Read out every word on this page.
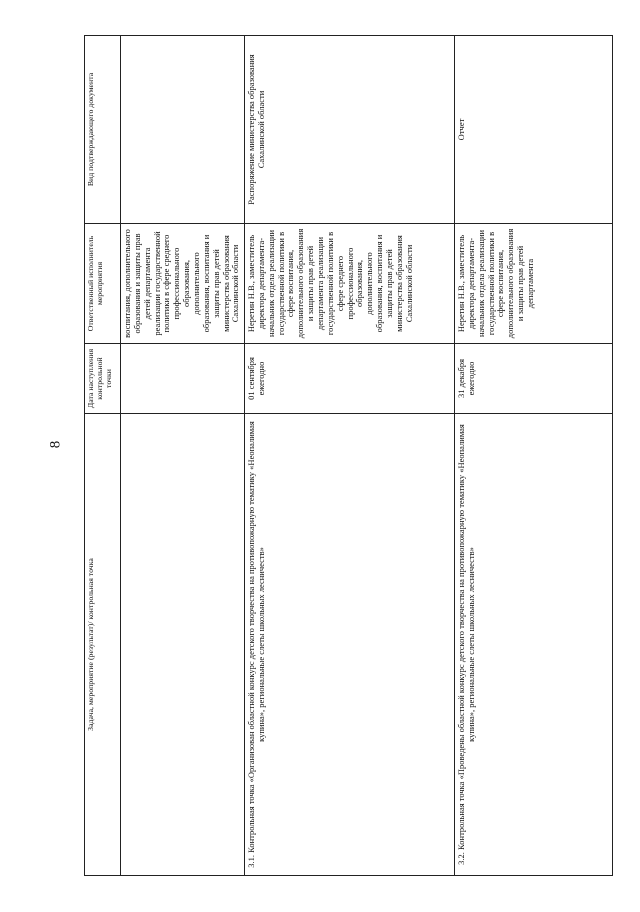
8
Задача, мероприятие (результат)/ контрольная точка	Дата наступления контрольной точки	Ответственный исполнитель мероприятия	Вид подтверждающего документа
		воспитания, дополнительного образования и защиты прав детей департамента реализации государственной политики в сфере среднего профессионального образования, дополнительного образования, воспитания и защиты прав детей министерства образования Сахалинской области	
3.1. Контрольная точка «Организован областной конкурс детского творчества на противопожарную тематику «Неопалимая купина», региональные слеты школьных лесничеств»	01 сентября ежегодно	Неретин Н.В., заместитель директора департамента-начальник отдела реализации государственной политики в сфере воспитания, дополнительного образования и защиты прав детей департамента реализации государственной политики в сфере среднего профессионального образования, дополнительного образования, воспитания и защиты прав детей министерства образования Сахалинской области	Распоряжение министерства образования Сахалинской области
3.2. Контрольная точка «Проведены областной конкурс детского творчества на противопожарную тематику «Неопалимая купина», региональные слеты школьных лесничеств»	31 декабря ежегодно	Неретин Н.В., заместитель директора департамента-начальник отдела реализации государственной политики в сфере воспитания, дополнительного образования и защиты прав детей департамента	Отчет
